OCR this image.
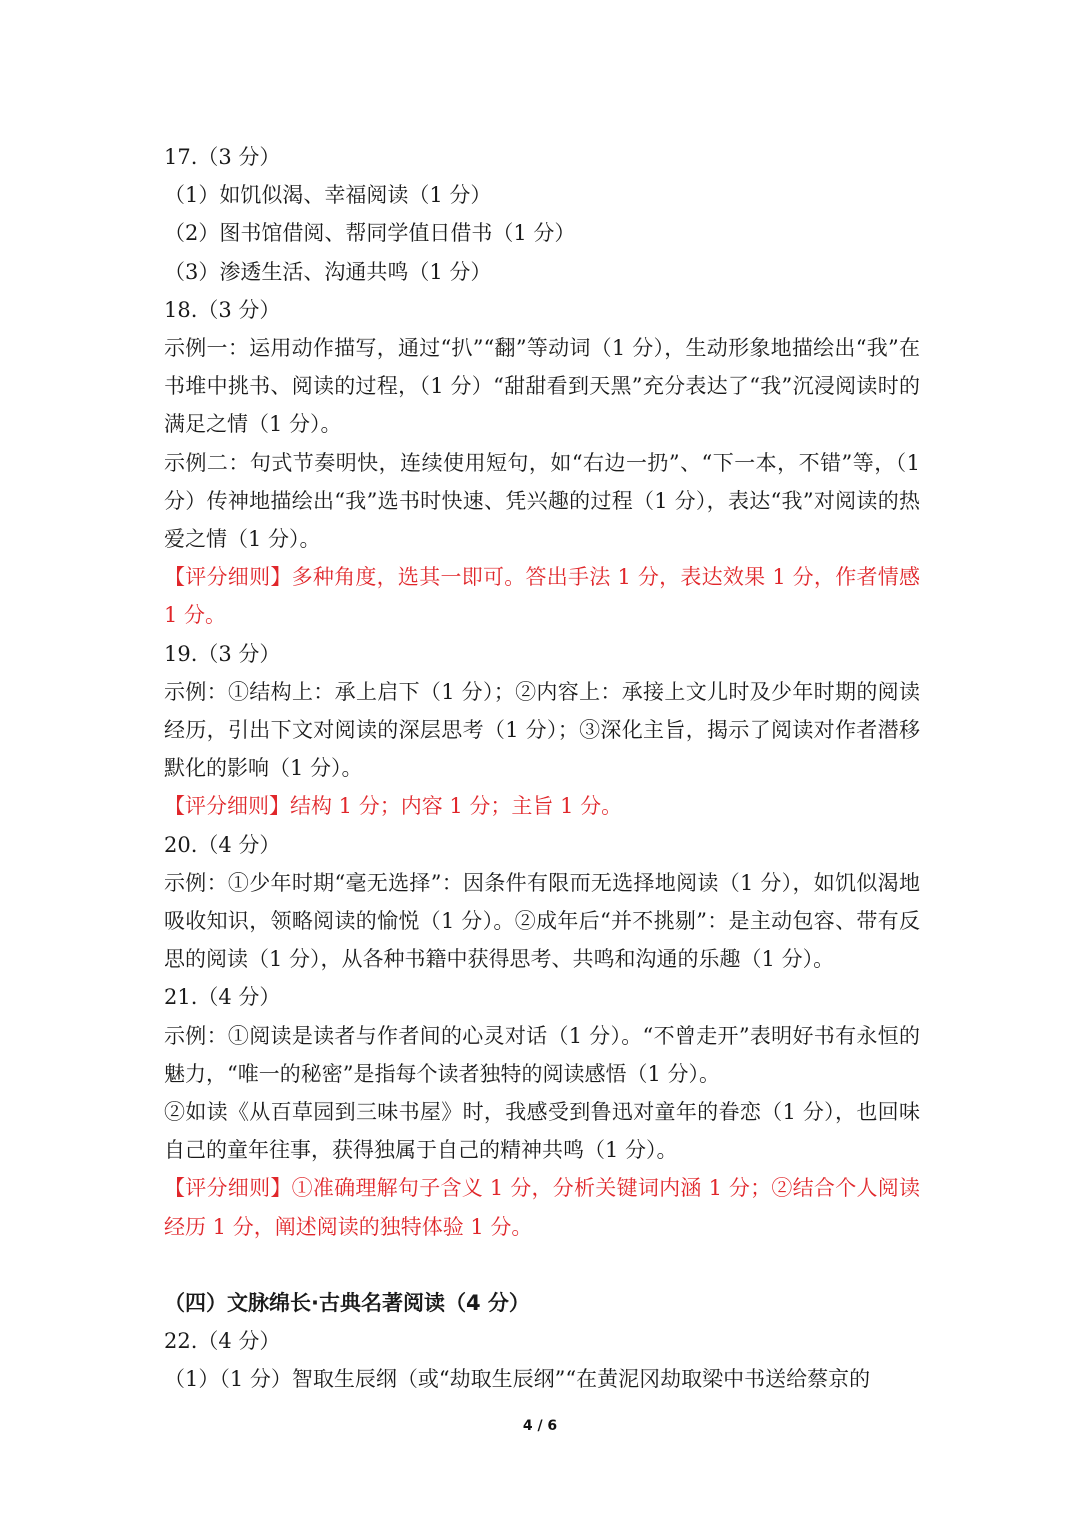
17.（3 分）
（1）如饥似渴、幸福阅读（1 分）
（2）图书馆借阅、帮同学值日借书（1 分）
（3）渗透生活、沟通共鸣（1 分）
18.（3 分）
示例一：运用动作描写，通过“扒”“翻”等动词（1 分），生动形象地描绘出“我”在书堆中挑书、阅读的过程，（1 分）“甜甜看到天黑”充分表达了“我”沉浸阅读时的满足之情（1 分）。
示例二：句式节奏明快，连续使用短句，如“右边一扔”、“下一本，不错”等，（1 分）传神地描绘出“我”选书时快速、凭兴趣的过程（1 分），表达“我”对阅读的热爱之情（1 分）。
【评分细则】多种角度，选其一即可。答出手法 1 分，表达效果 1 分，作者情感 1 分。
19.（3 分）
示例：①结构上：承上启下（1 分）；②内容上：承接上文儿时及少年时期的阅读经历，引出下文对阅读的深层思考（1 分）；③深化主旨，揭示了阅读对作者潜移默化的影响（1 分）。
【评分细则】结构 1 分；内容 1 分；主旨 1 分。
20.（4 分）
示例：①少年时期“毫无选择”：因条件有限而无选择地阅读（1 分），如饥似渴地吸收知识，领略阅读的愉悦（1 分）。②成年后“并不挑剔”：是主动包容、带有反思的阅读（1 分），从各种书籍中获得思考、共鸣和沟通的乐趣（1 分）。
21.（4 分）
示例：①阅读是读者与作者间的心灵对话（1 分）。“不曾走开”表明好书有永恒的魅力，“唯一的秘密”是指每个读者独特的阅读感悟（1 分）。
②如读《从百草园到三味书屋》时，我感受到鲁迅对童年的眷恋（1 分），也回味自己的童年往事，获得独属于自己的精神共鸣（1 分）。
【评分细则】①准确理解句子含义 1 分，分析关键词内涵 1 分；②结合个人阅读经历 1 分，阐述阅读的独特体验 1 分。
（四）文脉绵长·古典名著阅读（4 分）
22.（4 分）
（1）（1 分）智取生辰纲（或“劫取生辰纲”“在黄泥冈劫取梁中书送给蔡京的
4 / 6
